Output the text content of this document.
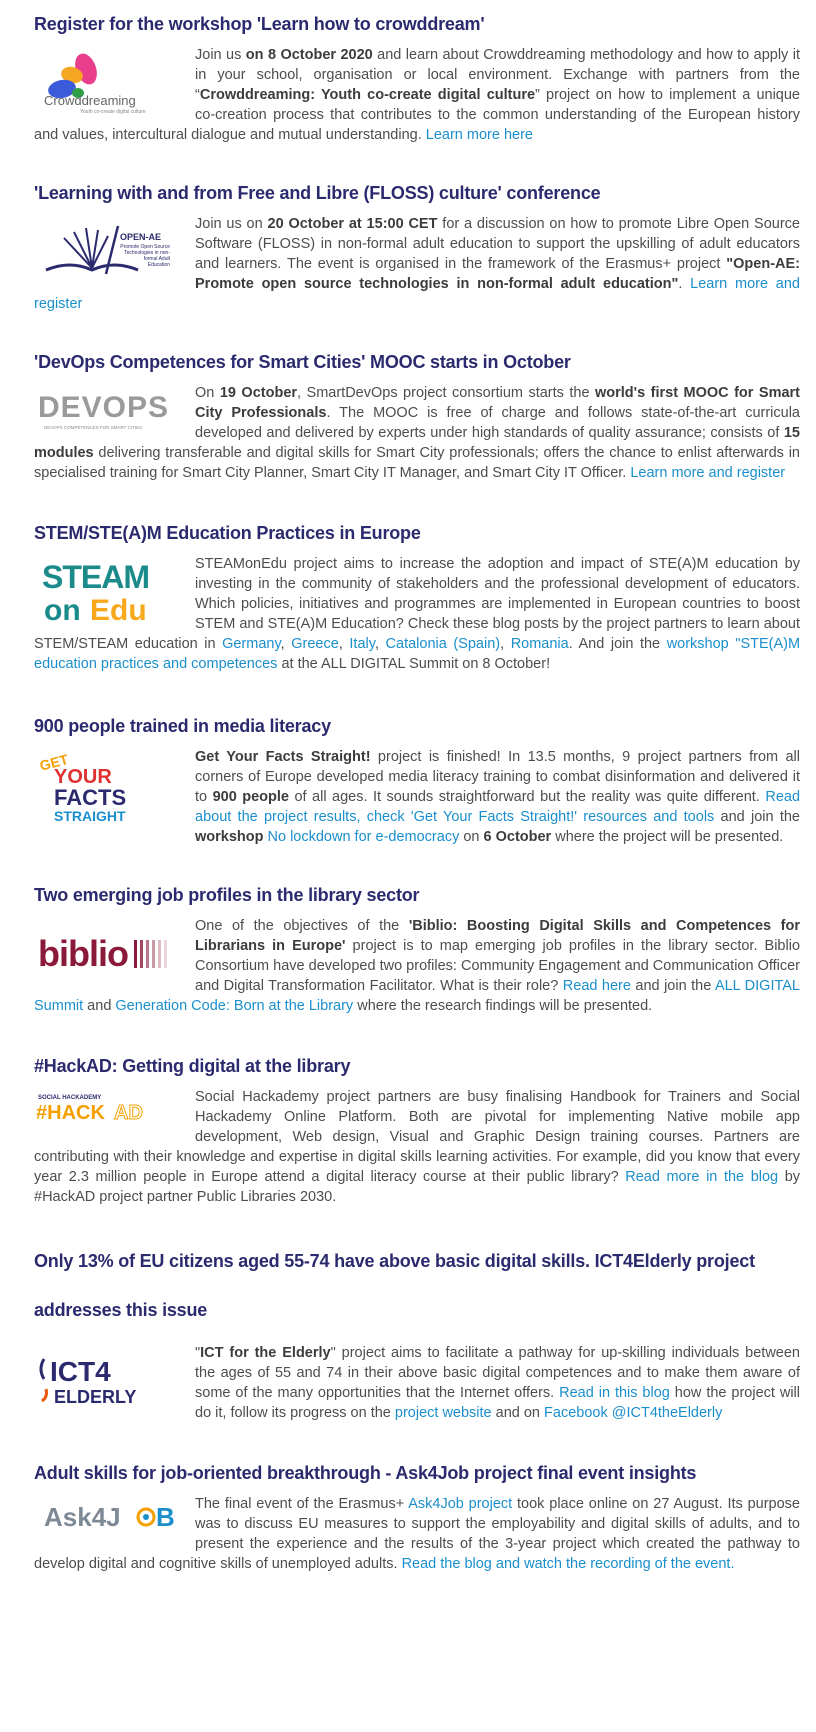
Register for the workshop 'Learn how to crowddream'
Crowddreaming
Youth co-create digital culture

Join us on 8 October 2020 and learn about Crowddreaming methodology and how to apply it in your school, organisation or local environment. Exchange with partners from the “Crowddreaming: Youth co-create digital culture” project on how to implement a unique co-creation process that contributes to the common understanding of the European history and values, intercultural dialogue and mutual understanding. Learn more here

'Learning with and from Free and Libre (FLOSS) culture' conference
OPEN-AE
Promote Open Source Technologies in non-formal Adult Education

Join us on 20 October at 15:00 CET for a discussion on how to promote Libre Open Source Software (FLOSS) in non-formal adult education to support the upskilling of adult educators and learners. The event is organised in the framework of the Erasmus+ project "Open-AE: Promote open source technologies in non-formal adult education". Learn more and register

'DevOps Competences for Smart Cities' MOOC starts in October
DEVOPS
DEVOPS COMPETENCES FOR SMART CITIES

On 19 October, SmartDevOps project consortium starts the world's first MOOC for Smart City Professionals. The MOOC is free of charge and follows state-of-the-art curricula developed and delivered by experts under high standards of quality assurance; consists of 15 modules delivering transferable and digital skills for Smart City professionals; offers the chance to enlist afterwards in specialised training for Smart City Planner, Smart City IT Manager, and Smart City IT Officer. Learn more and register

STEM/STE(A)M Education Practices in Europe
STEAM
on Edu

STEAMonEdu project aims to increase the adoption and impact of STE(A)M education by investing in the community of stakeholders and the professional development of educators. Which policies, initiatives and programmes are implemented in European countries to boost STEM and STE(A)M Education? Check these blog posts by the project partners to learn about STEM/STEAM education in Germany, Greece, Italy, Catalonia (Spain), Romania. And join the workshop "STE(A)M education practices and competences at the ALL DIGITAL Summit on 8 October!

900 people trained in media literacy
GET
YOUR
FACTS
STRAIGHT

Get Your Facts Straight! project is finished! In 13.5 months, 9 project partners from all corners of Europe developed media literacy training to combat disinformation and delivered it to 900 people of all ages. It sounds straightforward but the reality was quite different. Read about the project results, check 'Get Your Facts Straight!' resources and tools and join the workshop No lockdown for e-democracy on 6 October where the project will be presented.

Two emerging job profiles in the library sector
biblio

One of the objectives of the 'Biblio: Boosting Digital Skills and Competences for Librarians in Europe' project is to map emerging job profiles in the library sector. Biblio Consortium have developed two profiles: Community Engagement and Communication Officer and Digital Transformation Facilitator. What is their role? Read here and join the ALL DIGITAL Summit and Generation Code: Born at the Library where the research findings will be presented.

#HackAD: Getting digital at the library
SOCIAL HACKADEMY
#HACK AD

Social Hackademy project partners are busy finalising Handbook for Trainers and Social Hackademy Online Platform. Both are pivotal for implementing Native mobile app development, Web design, Visual and Graphic Design training courses. Partners are contributing with their knowledge and expertise in digital skills learning activities. For example, did you know that every year 2.3 million people in Europe attend a digital literacy course at their public library? Read more in the blog by #HackAD project partner Public Libraries 2030.

Only 13% of EU citizens aged 55-74 have above basic digital skills. ICT4Elderly project addresses this issue
ICT4
ELDERLY

"ICT for the Elderly" project aims to facilitate a pathway for up-skilling individuals between the ages of 55 and 74 in their above basic digital competences and to make them aware of some of the many opportunities that the Internet offers. Read in this blog how the project will do it, follow its progress on the project website and on Facebook @ICT4theElderly

Adult skills for job-oriented breakthrough - Ask4Job project final event insights
Ask4J B	The final event of the Erasmus+ Ask4Job project took place online on 27 August. Its purpose was to discuss EU measures to support the employability and digital skills of adults, and to present the experience and the results of the 3-year project which created the pathway to develop digital and cognitive skills of unemployed adults. Read the blog and watch the recording of the event.
